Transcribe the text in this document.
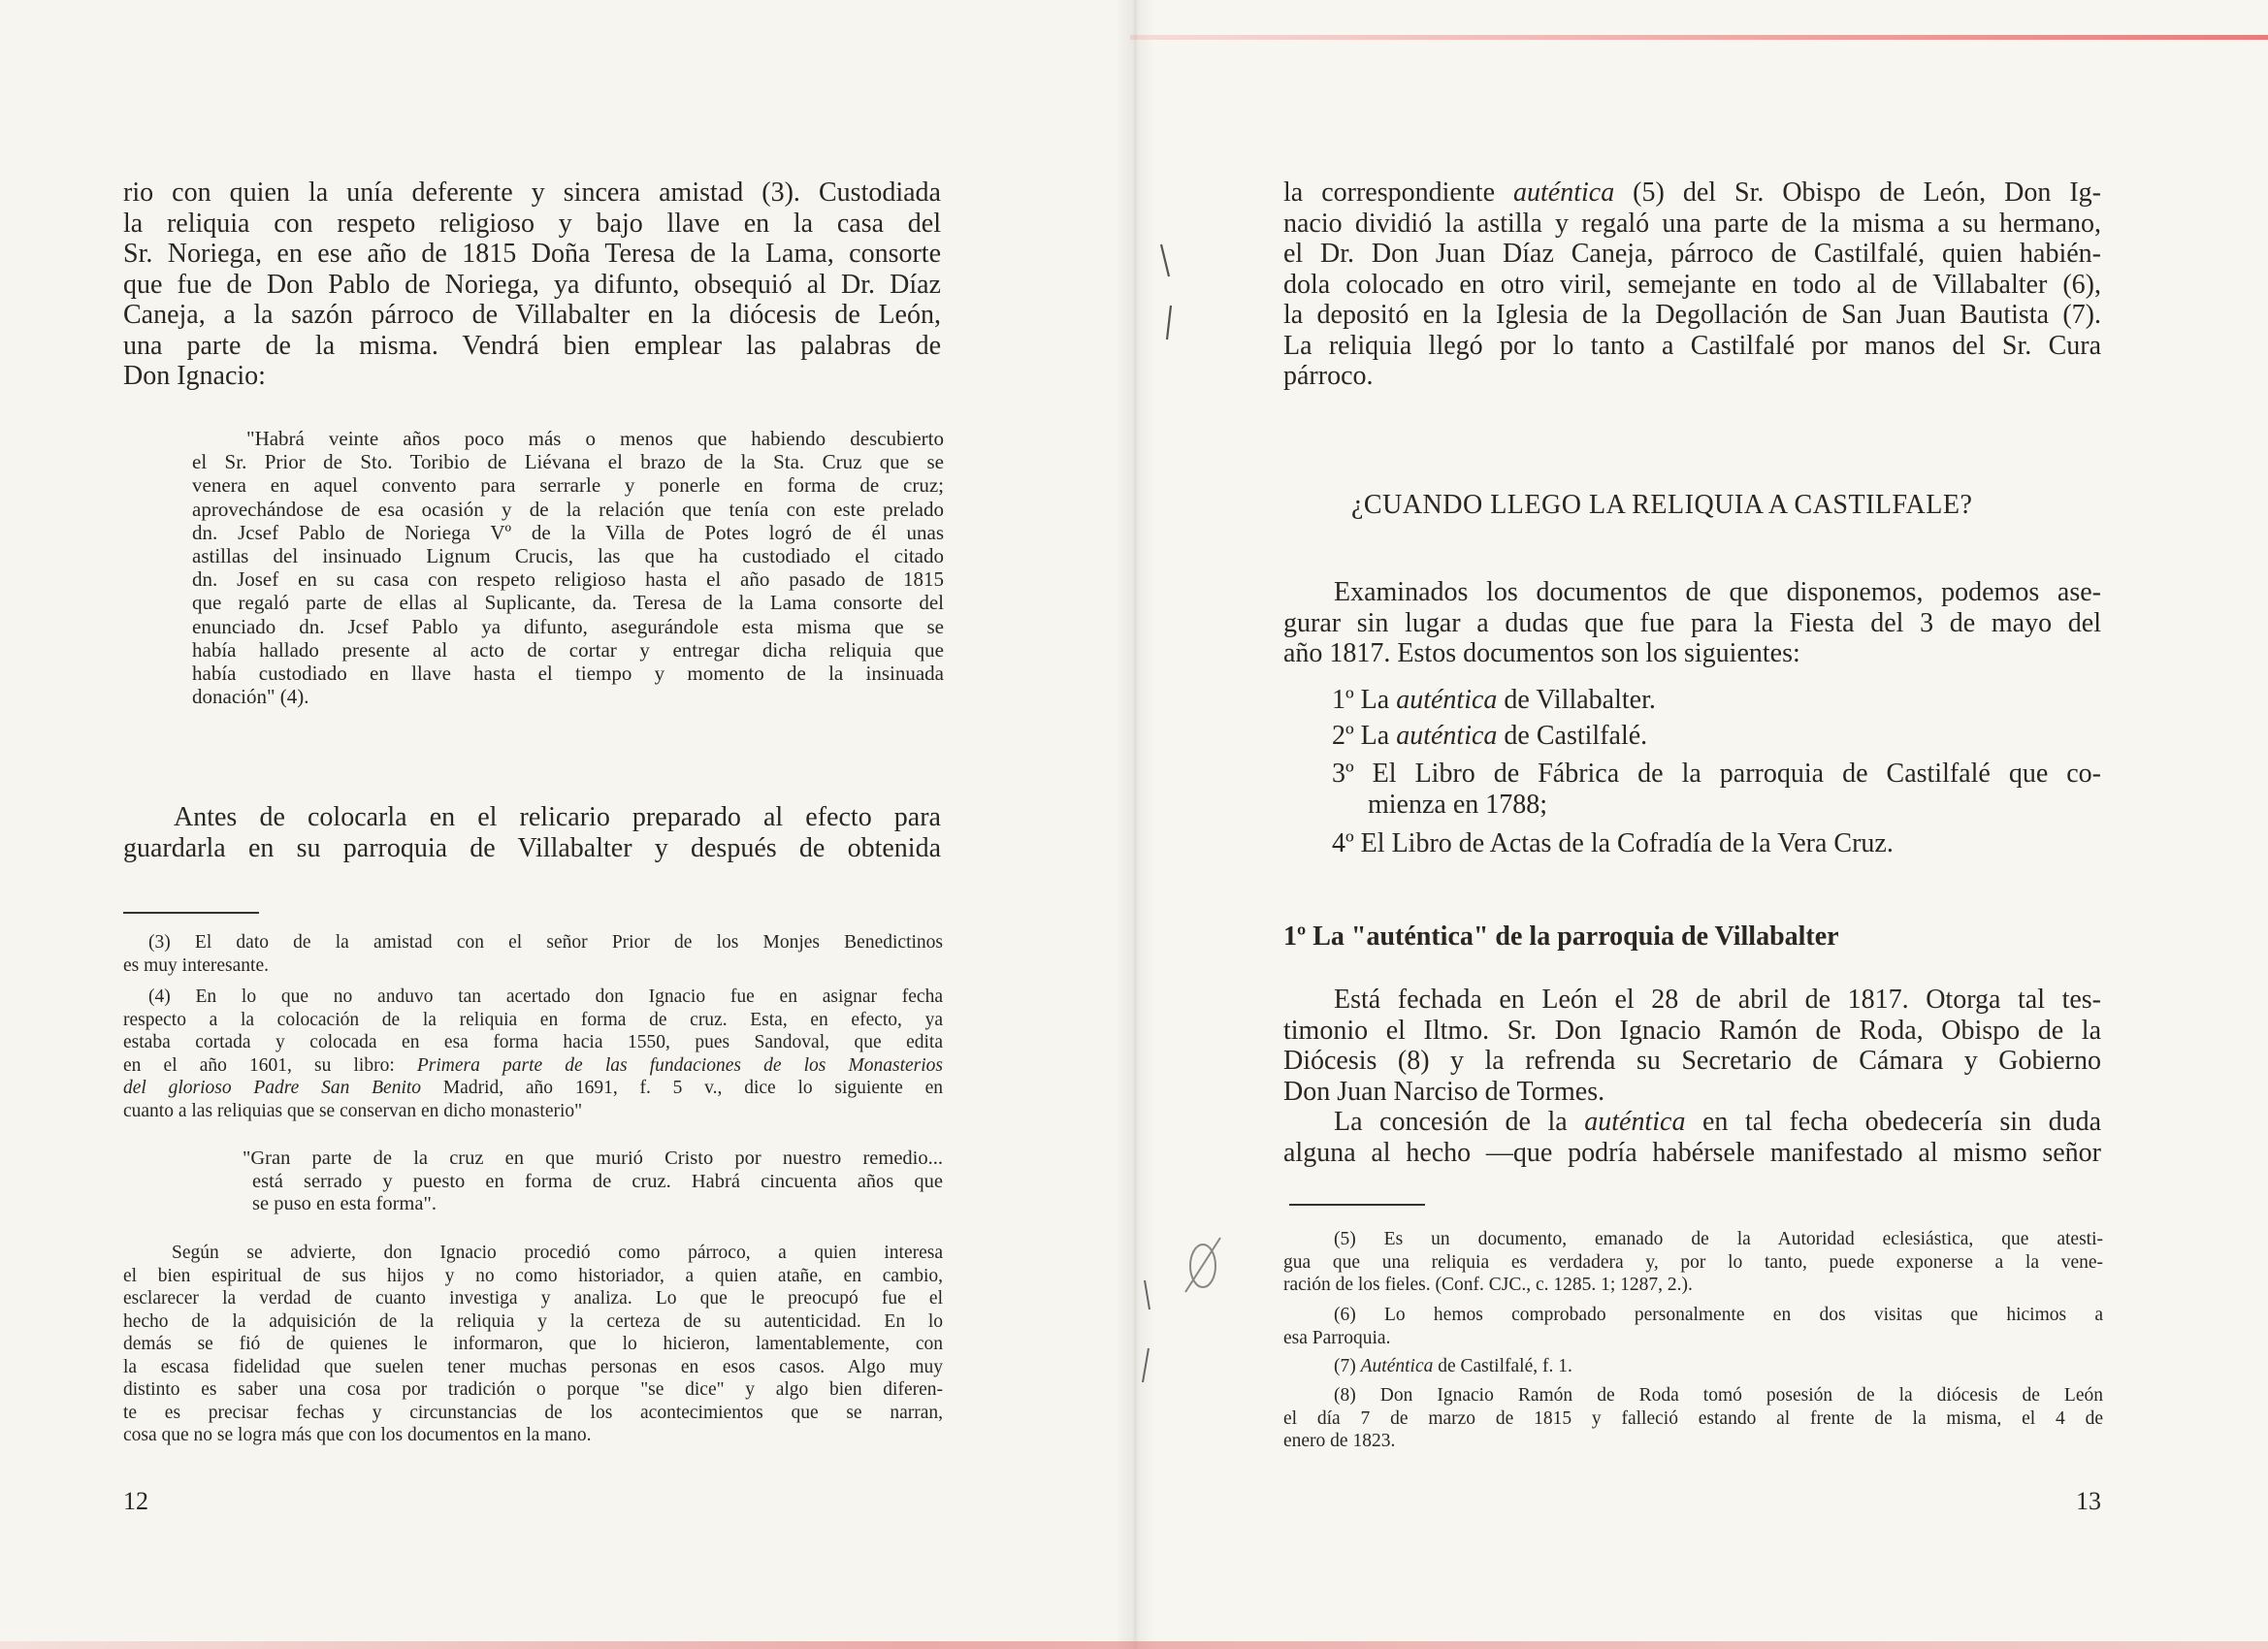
rio con quien la unía deferente y sincera amistad (3). Custodiada

la reliquia con respeto religioso y bajo llave en la casa del

Sr. Noriega, en ese año de 1815 Doña Teresa de la Lama, consorte

que fue de Don Pablo de Noriega, ya difunto, obsequió al Dr. Díaz

Caneja, a la sazón párroco de Villabalter en la diócesis de León,

una parte de la misma. Vendrá bien emplear las palabras de

Don Ignacio:

"Habrá veinte años poco más o menos que habiendo descubierto

el Sr. Prior de Sto. Toribio de Liévana el brazo de la Sta. Cruz que se

venera en aquel convento para serrarle y ponerle en forma de cruz;

aprovechándose de esa ocasión y de la relación que tenía con este prelado

dn. Jcsef Pablo de Noriega Vº de la Villa de Potes logró de él unas

astillas del insinuado Lignum Crucis, las que ha custodiado el citado

dn. Josef en su casa con respeto religioso hasta el año pasado de 1815

que regaló parte de ellas al Suplicante, da. Teresa de la Lama consorte del

enunciado dn. Jcsef Pablo ya difunto, asegurándole esta misma que se

había hallado presente al acto de cortar y entregar dicha reliquia que

había custodiado en llave hasta el tiempo y momento de la insinuada

donación" (4).

Antes de colocarla en el relicario preparado al efecto para

guardarla en su parroquia de Villabalter y después de obtenida

(3) El dato de la amistad con el señor Prior de los Monjes Benedictinos

es muy interesante.

(4) En lo que no anduvo tan acertado don Ignacio fue en asignar fecha

respecto a la colocación de la reliquia en forma de cruz. Esta, en efecto, ya

estaba cortada y colocada en esa forma hacia 1550, pues Sandoval, que edita

en el año 1601, su libro: Primera parte de las fundaciones de los Monasterios

del glorioso Padre San Benito Madrid, año 1691, f. 5 v., dice lo siguiente en

cuanto a las reliquias que se conservan en dicho monasterio"

"Gran parte de la cruz en que murió Cristo por nuestro remedio...

está serrado y puesto en forma de cruz. Habrá cincuenta años que

se puso en esta forma".

Según se advierte, don Ignacio procedió como párroco, a quien interesa

el bien espiritual de sus hijos y no como historiador, a quien atañe, en cambio,

esclarecer la verdad de cuanto investiga y analiza. Lo que le preocupó fue el

hecho de la adquisición de la reliquia y la certeza de su autenticidad. En lo

demás se fió de quienes le informaron, que lo hicieron, lamentablemente, con

la escasa fidelidad que suelen tener muchas personas en esos casos. Algo muy

distinto es saber una cosa por tradición o porque "se dice" y algo bien diferen-

te es precisar fechas y circunstancias de los acontecimientos que se narran,

cosa que no se logra más que con los documentos en la mano.

12

la correspondiente auténtica (5) del Sr. Obispo de León, Don Ig-

nacio dividió la astilla y regaló una parte de la misma a su hermano,

el Dr. Don Juan Díaz Caneja, párroco de Castilfalé, quien habién-

dola colocado en otro viril, semejante en todo al de Villabalter (6),

la depositó en la Iglesia de la Degollación de San Juan Bautista (7).

La reliquia llegó por lo tanto a Castilfalé por manos del Sr. Cura

párroco.

¿CUANDO LLEGO LA RELIQUIA A CASTILFALE?

Examinados los documentos de que disponemos, podemos ase-

gurar sin lugar a dudas que fue para la Fiesta del 3 de mayo del

año 1817. Estos documentos son los siguientes:

1º La auténtica de Villabalter.
2º La auténtica de Castilfalé.
3º El Libro de Fábrica de la parroquia de Castilfalé que co-
mienza en 1788;
4º El Libro de Actas de la Cofradía de la Vera Cruz.
1º La "auténtica" de la parroquia de Villabalter

Está fechada en León el 28 de abril de 1817. Otorga tal tes-

timonio el Iltmo. Sr. Don Ignacio Ramón de Roda, Obispo de la

Diócesis (8) y la refrenda su Secretario de Cámara y Gobierno

Don Juan Narciso de Tormes.

La concesión de la auténtica en tal fecha obedecería sin duda

alguna al hecho —que podría habérsele manifestado al mismo señor

(5) Es un documento, emanado de la Autoridad eclesiástica, que atesti-

gua que una reliquia es verdadera y, por lo tanto, puede exponerse a la vene-

ración de los fieles. (Conf. CJC., c. 1285. 1; 1287, 2.).

(6) Lo hemos comprobado personalmente en dos visitas que hicimos a

esa Parroquia.

(7) Auténtica de Castilfalé, f. 1.

(8) Don Ignacio Ramón de Roda tomó posesión de la diócesis de León

el día 7 de marzo de 1815 y falleció estando al frente de la misma, el 4 de

enero de 1823.

13
